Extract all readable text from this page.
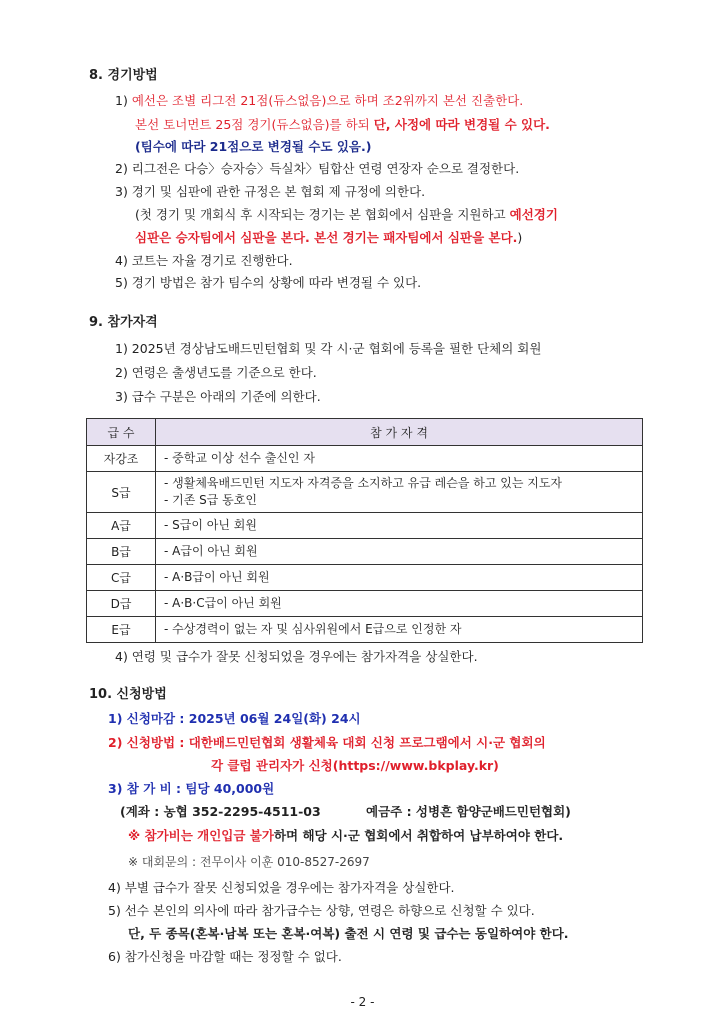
8. 경기방법
1) 예선은 조별 리그전 21점(듀스없음)으로 하며 조2위까지 본선 진출한다.
본선 토너먼트 25점 경기(듀스없음)를 하되 단, 사정에 따라 변경될 수 있다.
(팀수에 따라 21점으로 변경될 수도 있음.)
2) 리그전은 다승〉승자승〉득실차〉팀합산 연령 연장자 순으로 결정한다.
3) 경기 및 심판에 관한 규정은 본 협회 제 규정에 의한다.
(첫 경기 및 개회식 후 시작되는 경기는 본 협회에서 심판을 지원하고 예선경기
심판은 승자팀에서 심판을 본다. 본선 경기는 패자팀에서 심판을 본다.)
4) 코트는 자율 경기로 진행한다.
5) 경기 방법은 참가 팀수의 상황에 따라 변경될 수 있다.
9. 참가자격
1) 2025년 경상남도배드민턴협회 및 각 시·군 협회에 등록을 필한 단체의 회원
2) 연령은 출생년도를 기준으로 한다.
3) 급수 구분은 아래의 기준에 의한다.
급 수	참 가 자 격
자강조	- 중학교 이상 선수 출신인 자
S급	- 생활체육배드민턴 지도자 자격증을 소지하고 유급 레슨을 하고 있는 지도자
- 기존 S급 동호인

A급	- S급이 아닌 회원
B급	- A급이 아닌 회원
C급	- A·B급이 아닌 회원
D급	- A·B·C급이 아닌 회원
E급	- 수상경력이 없는 자 및 심사위원에서 E급으로 인정한 자
4) 연령 및 급수가 잘못 신청되었을 경우에는 참가자격을 상실한다.
10. 신청방법
1) 신청마감 : 2025년 06월 24일(화) 24시
2) 신청방법 : 대한배드민턴협회 생활체육 대회 신청 프로그램에서 시·군 협회의
각 클럽 관리자가 신청(https://www.bkplay.kr)
3) 참 가 비 : 팀당 40,000원
(계좌 : 농협 352-2295-4511-03	예금주 : 성병흔 함양군배드민턴협회)
※ 참가비는 개인입금 불가하며 해당 시·군 협회에서 취합하여 납부하여야 한다.
※ 대회문의 : 전무이사 이훈 010-8527-2697
4) 부별 급수가 잘못 신청되었을 경우에는 참가자격을 상실한다.
5) 선수 본인의 의사에 따라 참가급수는 상향, 연령은 하향으로 신청할 수 있다.
단, 두 종목(혼복·남복 또는 혼복·여복) 출전 시 연령 및 급수는 동일하여야 한다.
6) 참가신청을 마감할 때는 정정할 수 없다.
- 2 -
